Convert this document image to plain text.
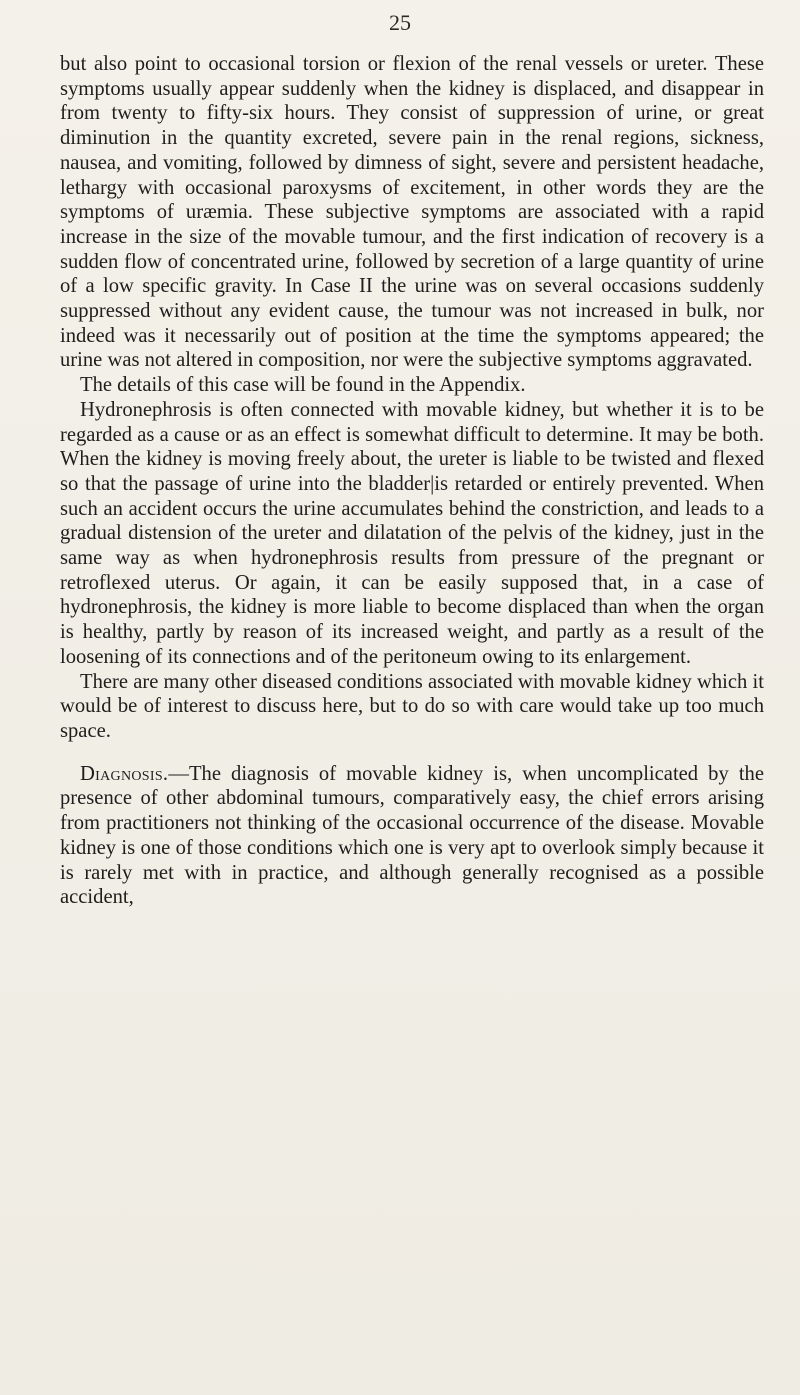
25

but also point to occasional torsion or flexion of the renal vessels or ureter. These symptoms usually appear suddenly when the kidney is displaced, and disappear in from twenty to fifty-six hours. They consist of suppression of urine, or great diminution in the quantity excreted, severe pain in the renal regions, sickness, nausea, and vomiting, followed by dimness of sight, severe and persistent headache, lethargy with occasional paroxysms of excitement, in other words they are the symptoms of uræmia. These subjective symptoms are associated with a rapid increase in the size of the movable tumour, and the first indication of recovery is a sudden flow of concentrated urine, followed by secretion of a large quantity of urine of a low specific gravity. In Case II the urine was on several occasions suddenly suppressed without any evident cause, the tumour was not increased in bulk, nor indeed was it necessarily out of position at the time the symptoms appeared; the urine was not altered in composition, nor were the subjective symptoms aggravated.

The details of this case will be found in the Appendix.

Hydronephrosis is often connected with movable kidney, but whether it is to be regarded as a cause or as an effect is somewhat difficult to determine. It may be both. When the kidney is moving freely about, the ureter is liable to be twisted and flexed so that the passage of urine into the bladder|is retarded or entirely prevented. When such an accident occurs the urine accumulates behind the constriction, and leads to a gradual distension of the ureter and dilatation of the pelvis of the kidney, just in the same way as when hydronephrosis results from pressure of the pregnant or retroflexed uterus. Or again, it can be easily supposed that, in a case of hydronephrosis, the kidney is more liable to become displaced than when the organ is healthy, partly by reason of its increased weight, and partly as a result of the loosening of its connections and of the peritoneum owing to its enlargement.

There are many other diseased conditions associated with movable kidney which it would be of interest to discuss here, but to do so with care would take up too much space.

Diagnosis.—The diagnosis of movable kidney is, when uncomplicated by the presence of other abdominal tumours, comparatively easy, the chief errors arising from practitioners not thinking of the occasional occurrence of the disease. Movable kidney is one of those conditions which one is very apt to overlook simply because it is rarely met with in practice, and although generally recognised as a possible accident,
